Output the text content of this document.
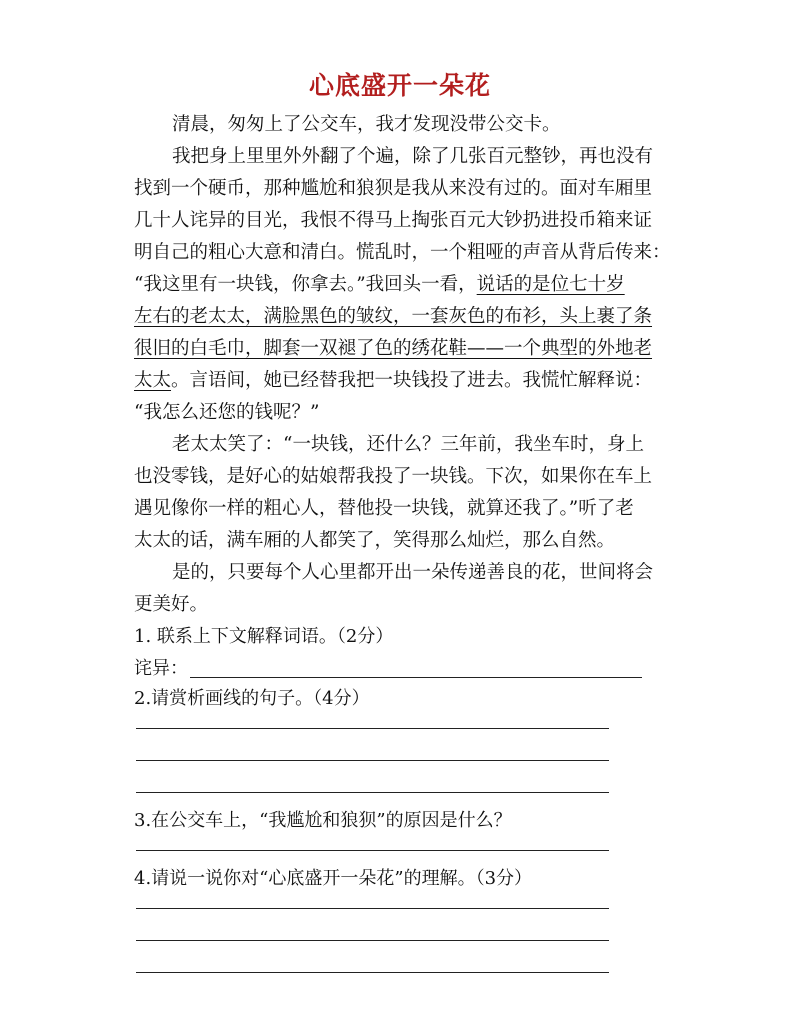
心底盛开一朵花
清晨，匆匆上了公交车，我才发现没带公交卡。
我把身上里里外外翻了个遍，除了几张百元整钞，再也没有
找到一个硬币，那种尴尬和狼狈是我从来没有过的。面对车厢里
几十人诧异的目光，我恨不得马上掏张百元大钞扔进投币箱来证
明自己的粗心大意和清白。慌乱时，一个粗哑的声音从背后传来：
“我这里有一块钱，你拿去。”我回头一看，说话的是位七十岁
左右的老太太，满脸黑色的皱纹，一套灰色的布衫，头上裹了条
很旧的白毛巾，脚套一双褪了色的绣花鞋——一个典型的外地老
太太。言语间，她已经替我把一块钱投了进去。我慌忙解释说：
“我怎么还您的钱呢？”
老太太笑了：“一块钱，还什么？三年前，我坐车时，身上
也没零钱，是好心的姑娘帮我投了一块钱。下次，如果你在车上
遇见像你一样的粗心人，替他投一块钱，就算还我了。”听了老
太太的话，满车厢的人都笑了，笑得那么灿烂，那么自然。
是的，只要每个人心里都开出一朵传递善良的花，世间将会
更美好。
1. 联系上下文解释词语。（2分）
诧异：
2.请赏析画线的句子。（4分）
3.在公交车上，“我尴尬和狼狈”的原因是什么？
4.请说一说你对“心底盛开一朵花”的理解。（3分）
